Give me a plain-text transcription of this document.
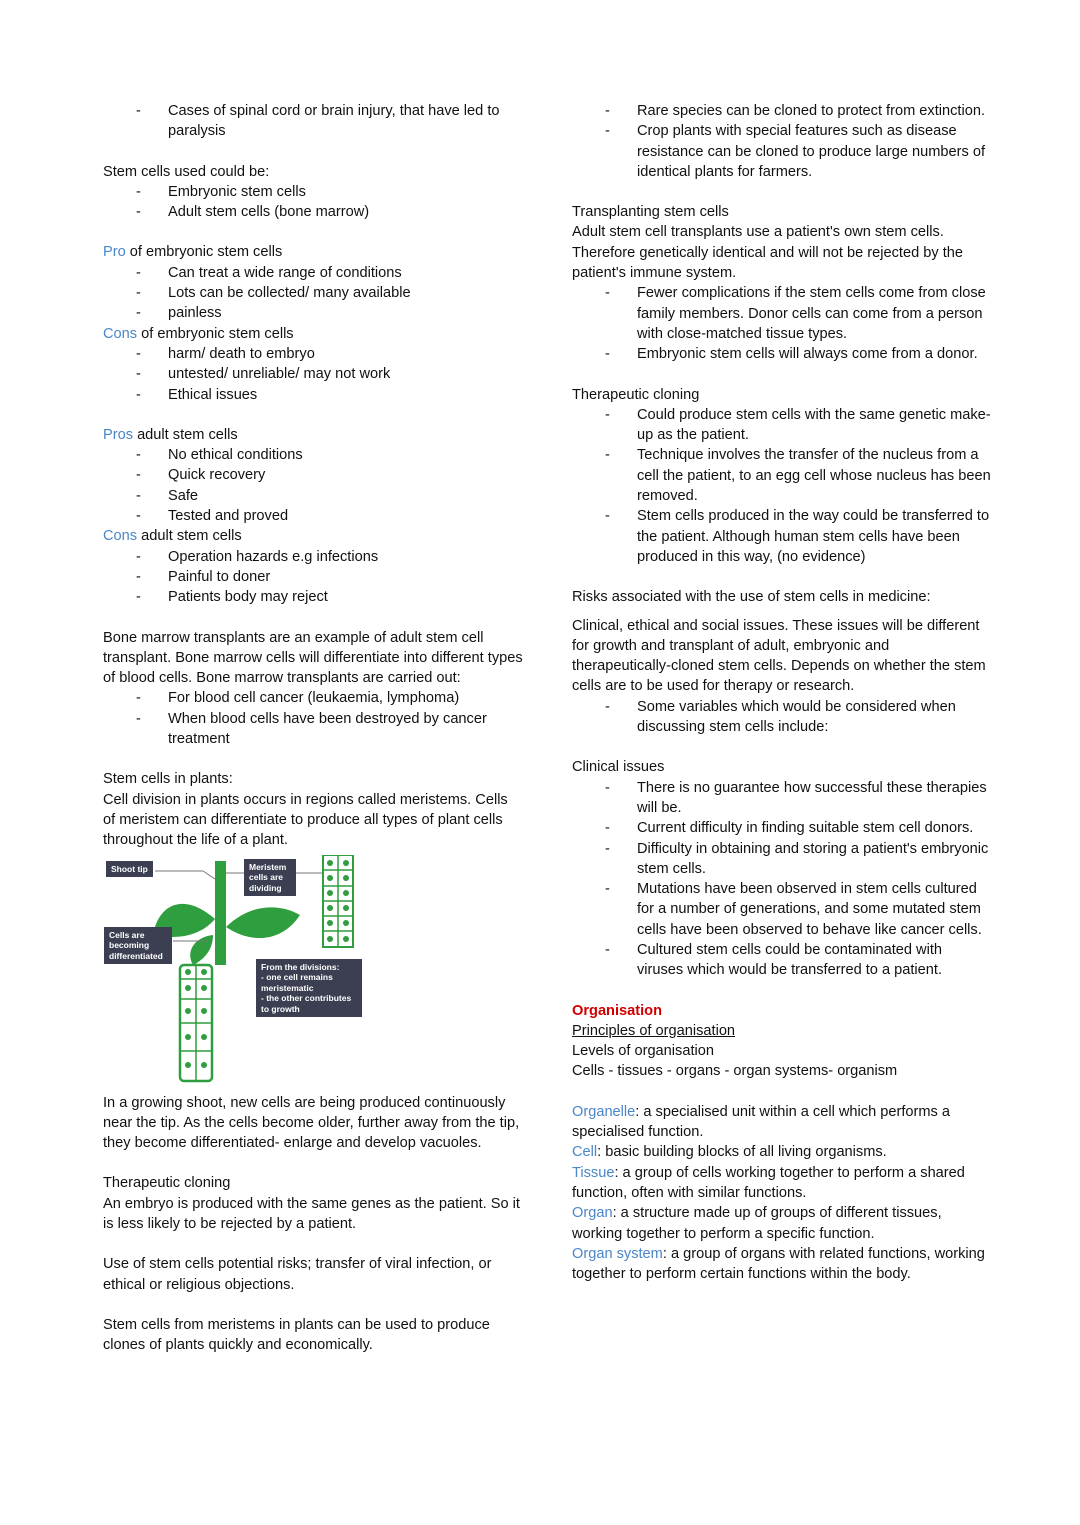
- Cases of spinal cord or brain injury, that have led to paralysis

Stem cells used could be:

- Embryonic stem cells
- Adult stem cells (bone marrow)

Pro of embryonic stem cells

- Can treat a wide range of conditions
- Lots can be collected/ many available
- painless

Cons of embryonic stem cells

- harm/ death to embryo
- untested/ unreliable/ may not work
- Ethical issues

Pros adult stem cells

- No ethical conditions
- Quick recovery
- Safe
- Tested and proved

Cons adult stem cells

- Operation hazards e.g infections
- Painful to doner
- Patients body may reject

Bone marrow transplants are an example of adult stem cell transplant. Bone marrow cells will differentiate into different types of blood cells. Bone marrow transplants are carried out:

- For blood cell cancer (leukaemia, lymphoma)
- When blood cells have been destroyed by cancer treatment

Stem cells in plants:

Cell division in plants occurs in regions called meristems. Cells of meristem can differentiate to produce all types of plant cells throughout the life of a plant.

Shoot tip	Meristem cells are dividing
Cells are becoming differentiated
From the divisions:
- one cell remains meristematic
- the other contributes to growth

In a growing shoot, new cells are being produced continuously near the tip. As the cells become older, further away from the tip, they become differentiated- enlarge and develop vacuoles.

Therapeutic cloning

An embryo is produced with the same genes as the patient. So it is less likely to be rejected by a patient.

Use of stem cells potential risks; transfer of viral infection, or ethical or religious objections.

Stem cells from meristems in plants can be used to produce clones of plants quickly and economically.

- Rare species can be cloned to protect from extinction.
- Crop plants with special features such as disease resistance can be cloned to produce large numbers of identical plants for farmers.

Transplanting stem cells

Adult stem cell transplants use a patient's own stem cells. Therefore genetically identical and will not be rejected by the patient's immune system.

- Fewer complications if the stem cells come from close family members. Donor cells can come from a person with close-matched tissue types.
- Embryonic stem cells will always come from a donor.

Therapeutic cloning

- Could produce stem cells with the same genetic make-up as the patient.
- Technique involves the transfer of the nucleus from a cell the patient, to an egg cell whose nucleus has been removed.
- Stem cells produced in the way could be transferred to the patient. Although human stem cells have been produced in this way, (no evidence)

Risks associated with the use of stem cells in medicine:

Clinical, ethical and social issues. These issues will be different for growth and transplant of adult, embryonic and therapeutically-cloned stem cells. Depends on whether the stem cells are to be used for therapy or research.

- Some variables which would be considered when discussing stem cells include:

Clinical issues

- There is no guarantee how successful these therapies will be.
- Current difficulty in finding suitable stem cell donors.
- Difficulty in obtaining and storing a patient's embryonic stem cells.
- Mutations have been observed in stem cells cultured for a number of generations, and some mutated stem cells have been observed to behave like cancer cells.
- Cultured stem cells could be contaminated with viruses which would be transferred to a patient.

Organisation

Principles of organisation

Levels of organisation

Cells - tissues - organs - organ systems- organism

Organelle: a specialised unit within a cell which performs a specialised function.

Cell: basic building blocks of all living organisms.

Tissue: a group of cells working together to perform a shared function, often with similar functions.

Organ: a structure made up of groups of different tissues, working together to perform a specific function.

Organ system: a group of organs with related functions, working together to perform certain functions within the body.
